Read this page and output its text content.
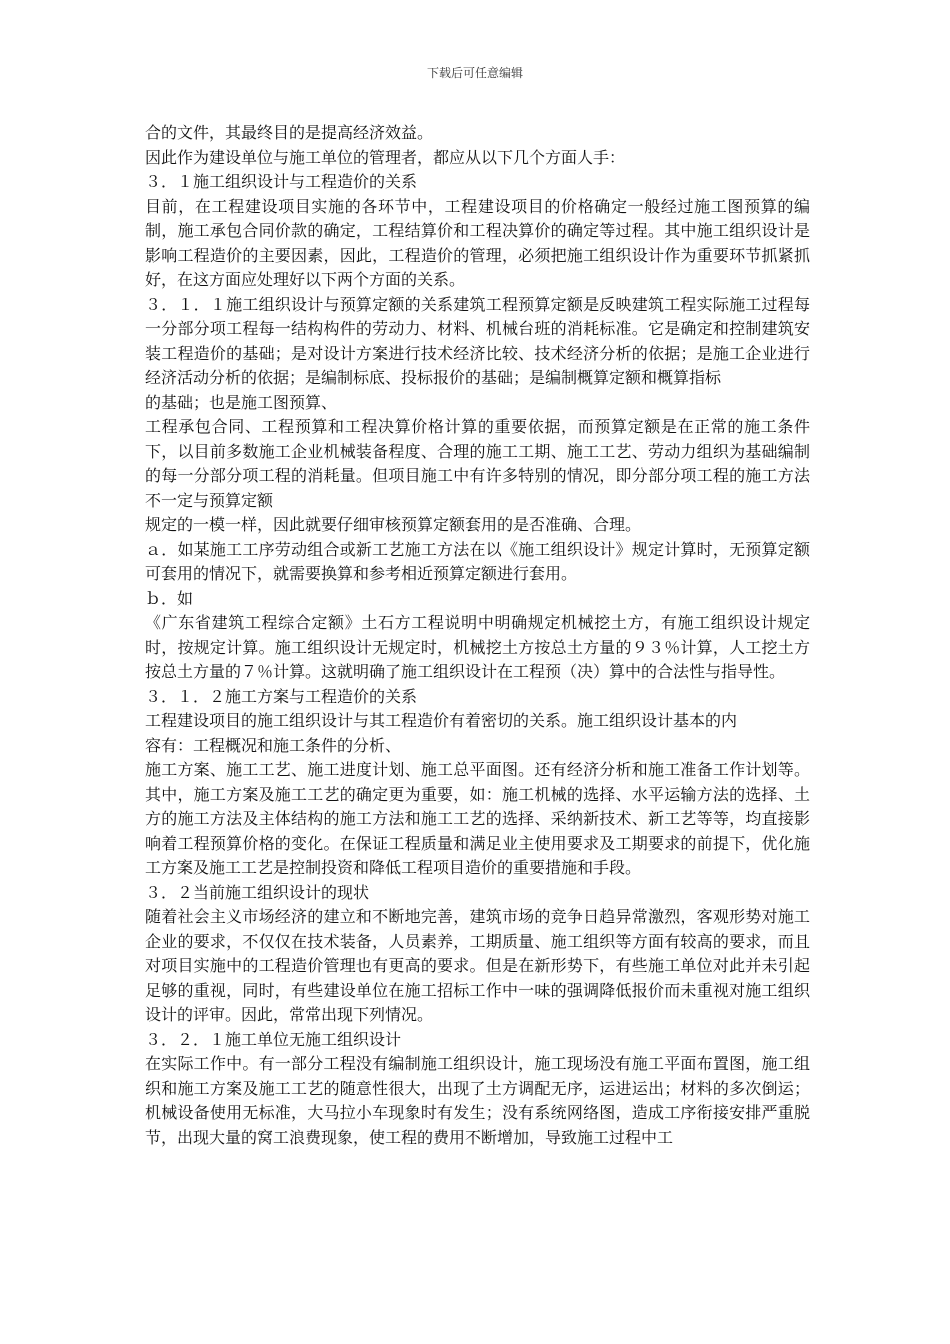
下载后可任意编辑

合的文件，其最终目的是提高经济效益。

因此作为建设单位与施工单位的管理者，都应从以下几个方面人手：

３．１施工组织设计与工程造价的关系

目前，在工程建设项目实施的各环节中，工程建设项目的价格确定一般经过施工图预算的编制，施工承包合同价款的确定，工程结算价和工程决算价的确定等过程。其中施工组织设计是影响工程造价的主要因素，因此，工程造价的管理，必须把施工组织设计作为重要环节抓紧抓好，在这方面应处理好以下两个方面的关系。

３．１．１施工组织设计与预算定额的关系建筑工程预算定额是反映建筑工程实际施工过程每一分部分项工程每一结构构件的劳动力、材料、机械台班的消耗标准。它是确定和控制建筑安装工程造价的基础；是对设计方案进行技术经济比较、技术经济分析的依据；是施工企业进行经济活动分析的依据；是编制标底、投标报价的基础；是编制概算定额和概算指标

的基础；也是施工图预算、

工程承包合同、工程预算和工程决算价格计算的重要依据，而预算定额是在正常的施工条件下，以目前多数施工企业机械装备程度、合理的施工工期、施工工艺、劳动力组织为基础编制的每一分部分项工程的消耗量。但项目施工中有许多特别的情况，即分部分项工程的施工方法不一定与预算定额

规定的一模一样，因此就要仔细审核预算定额套用的是否准确、合理。

ａ．如某施工工序劳动组合或新工艺施工方法在以《施工组织设计》规定计算时，无预算定额可套用的情况下，就需要换算和参考相近预算定额进行套用。

ｂ．如

《广东省建筑工程综合定额》土石方工程说明中明确规定机械挖土方，有施工组织设计规定时，按规定计算。施工组织设计无规定时，机械挖土方按总土方量的９３％计算，人工挖土方按总土方量的７％计算。这就明确了施工组织设计在工程预（决）算中的合法性与指导性。

３．１．２施工方案与工程造价的关系

工程建设项目的施工组织设计与其工程造价有着密切的关系。施工组织设计基本的内

容有：工程概况和施工条件的分析、

施工方案、施工工艺、施工进度计划、施工总平面图。还有经济分析和施工准备工作计划等。其中，施工方案及施工工艺的确定更为重要，如：施工机械的选择、水平运输方法的选择、土方的施工方法及主体结构的施工方法和施工工艺的选择、采纳新技术、新工艺等等，均直接影响着工程预算价格的变化。在保证工程质量和满足业主使用要求及工期要求的前提下，优化施工方案及施工工艺是控制投资和降低工程项目造价的重要措施和手段。

３．２当前施工组织设计的现状

随着社会主义市场经济的建立和不断地完善，建筑市场的竞争日趋异常激烈，客观形势对施工企业的要求，不仅仅在技术装备，人员素养，工期质量、施工组织等方面有较高的要求，而且对项目实施中的工程造价管理也有更高的要求。但是在新形势下，有些施工单位对此并未引起足够的重视，同时，有些建设单位在施工招标工作中一味的强调降低报价而未重视对施工组织设计的评审。因此，常常出现下列情况。

３．２．１施工单位无施工组织设计

在实际工作中。有一部分工程没有编制施工组织设计，施工现场没有施工平面布置图，施工组织和施工方案及施工工艺的随意性很大，出现了土方调配无序，运进运出；材料的多次倒运；机械设备使用无标准，大马拉小车现象时有发生；没有系统网络图，造成工序衔接安排严重脱节，出现大量的窝工浪费现象，使工程的费用不断增加，导致施工过程中工
